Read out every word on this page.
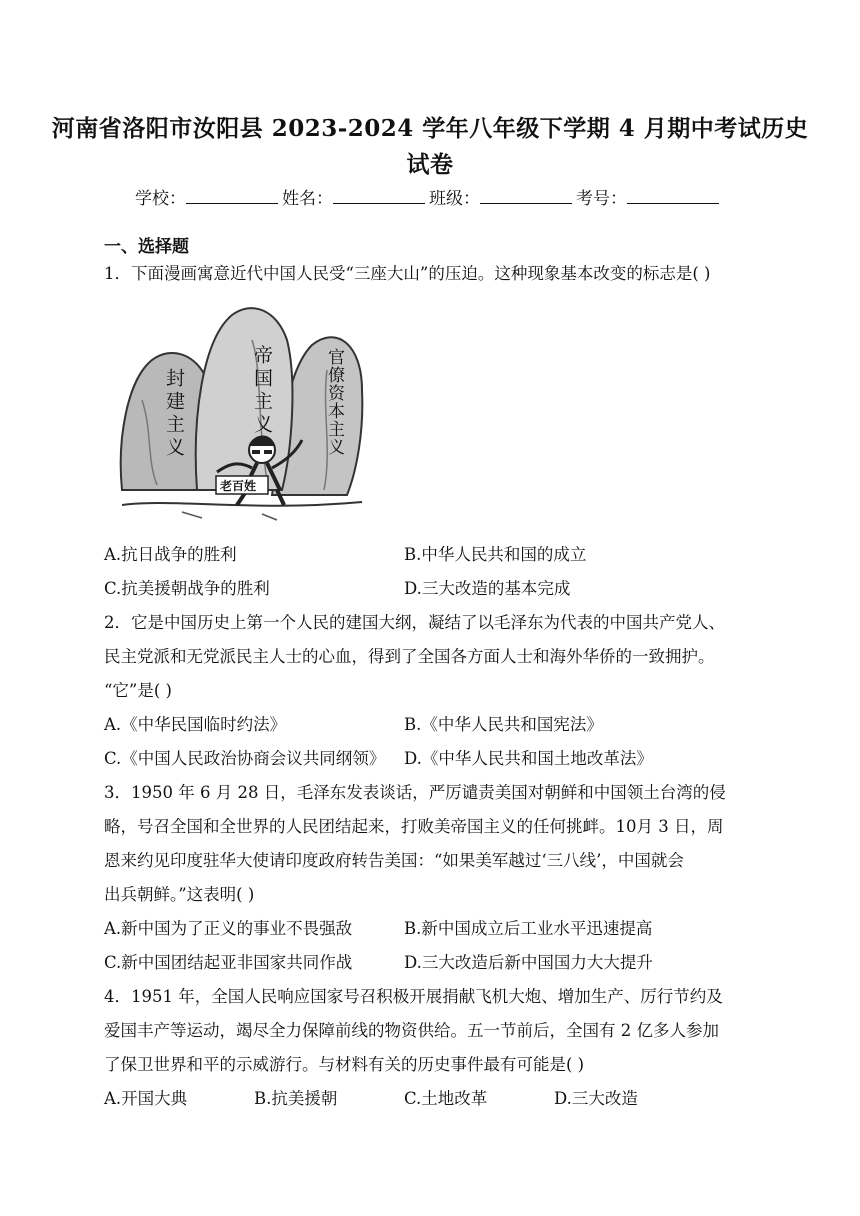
河南省洛阳市汝阳县 2023-2024 学年八年级下学期 4 月期中考试历史
试卷
学校：	姓名：	班级：	考号：
一、选择题
1．下面漫画寓意近代中国人民受“三座大山”的压迫。这种现象基本改变的标志是( )
封建主义	帝国主义	官僚资本主义
老百姓
A.抗日战争的胜利	B.中华人民共和国的成立
C.抗美援朝战争的胜利	D.三大改造的基本完成
2．它是中国历史上第一个人民的建国大纲，凝结了以毛泽东为代表的中国共产党人、
民主党派和无党派民主人士的心血，得到了全国各方面人士和海外华侨的一致拥护。
“它”是( )
A.《中华民国临时约法》	B.《中华人民共和国宪法》
C.《中国人民政治协商会议共同纲领》 D.《中华人民共和国土地改革法》
3．1950 年 6 月 28 日，毛泽东发表谈话，严厉谴责美国对朝鲜和中国领土台湾的侵
略，号召全国和全世界的人民团结起来，打败美帝国主义的任何挑衅。10月 3 日，周
恩来约见印度驻华大使请印度政府转告美国：“如果美军越过‘三八线’，中国就会
出兵朝鲜。”这表明( )
A.新中国为了正义的事业不畏强敌	B.新中国成立后工业水平迅速提高
C.新中国团结起亚非国家共同作战	D.三大改造后新中国国力大大提升
4．1951 年，全国人民响应国家号召积极开展捐献飞机大炮、增加生产、厉行节约及
爱国丰产等运动，竭尽全力保障前线的物资供给。五一节前后，全国有 2 亿多人参加
了保卫世界和平的示威游行。与材料有关的历史事件最有可能是( )
A.开国大典	B.抗美援朝	C.土地改革	D.三大改造
